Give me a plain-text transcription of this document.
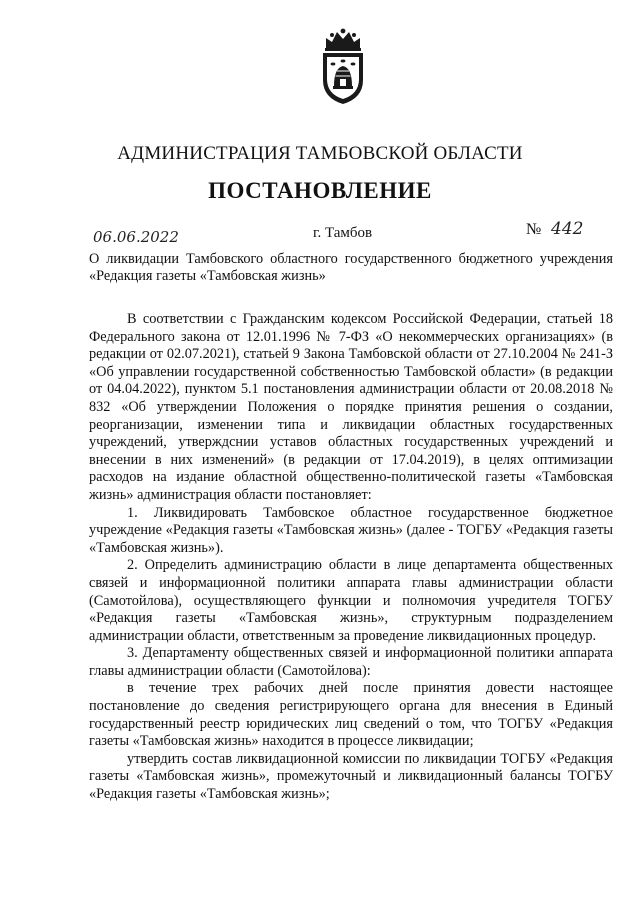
АДМИНИСТРАЦИЯ ТАМБОВСКОЙ ОБЛАСТИ
ПОСТАНОВЛЕНИЕ
06.06.2022	г. Тамбов	№ 442
О ликвидации Тамбовского областного государственного бюджетного учреждения «Редакция газеты «Тамбовская жизнь»

В соответствии с Гражданским кодексом Российской Федерации, статьей 18 Федерального закона от 12.01.1996 № 7-ФЗ «О некоммерческих организациях» (в редакции от 02.07.2021), статьей 9 Закона Тамбовской области от 27.10.2004 № 241-З «Об управлении государственной собственностью Тамбовской области» (в редакции от 04.04.2022), пунктом 5.1 постановления администрации области от 20.08.2018 № 832 «Об утверждении Положения о порядке принятия решения о создании, реорганизации, изменении типа и ликвидации областных государственных учреждений, утверждснии уставов областных государственных учреждений и внесении в них изменений» (в редакции от 17.04.2019), в целях оптимизации расходов на издание областной общественно-политической газеты «Тамбовская жизнь» администрация области постановляет:

1. Ликвидировать Тамбовское областное государственное бюджетное учреждение «Редакция газеты «Тамбовская жизнь» (далее - ТОГБУ «Редакция газеты «Тамбовская жизнь»).

2. Определить администрацию области в лице департамента общественных связей и информационной политики аппарата главы администрации области (Самотойлова), осуществляющего функции и полномочия учредителя ТОГБУ «Редакция газеты «Тамбовская жизнь», структурным подразделением администрации области, ответственным за проведение ликвидационных процедур.

3. Департаменту общественных связей и информационной политики аппарата главы администрации области (Самотойлова):

в течение трех рабочих дней после принятия довести настоящее постановление до сведения регистрирующего органа для внесения в Единый государственный реестр юридических лиц сведений о том, что ТОГБУ «Редакция газеты «Тамбовская жизнь» находится в процессе ликвидации;

утвердить состав ликвидационной комиссии по ликвидации ТОГБУ «Редакция газеты «Тамбовская жизнь», промежуточный и ликвидационный балансы ТОГБУ «Редакция газеты «Тамбовская жизнь»;
